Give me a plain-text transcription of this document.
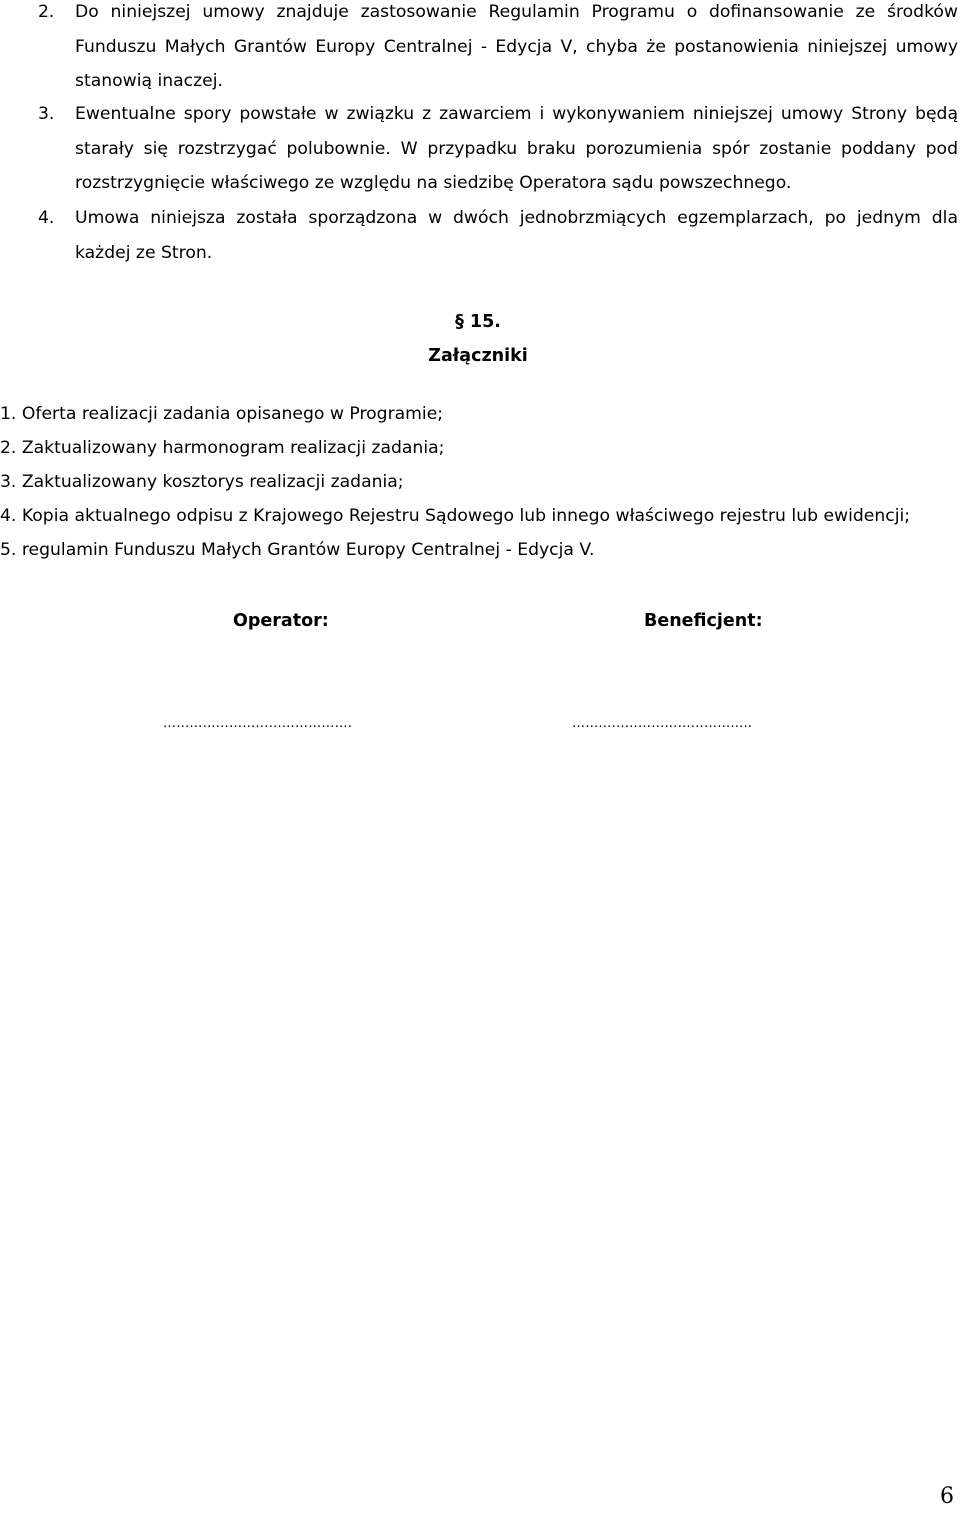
2.	Do niniejszej umowy znajduje zastosowanie Regulamin Programu o dofinansowanie ze środków Funduszu Małych Grantów Europy Centralnej - Edycja V, chyba że postanowienia niniejszej umowy stanowią inaczej.
3.	Ewentualne spory powstałe w związku z zawarciem i wykonywaniem niniejszej umowy Strony będą starały się rozstrzygać polubownie. W przypadku braku porozumienia spór zostanie poddany pod rozstrzygnięcie właściwego ze względu na siedzibę Operatora sądu powszechnego.
4.	Umowa niniejsza została sporządzona w dwóch jednobrzmiących egzemplarzach, po jednym dla każdej ze Stron.
§ 15.
Załączniki
1. Oferta realizacji zadania opisanego w Programie;
2. Zaktualizowany harmonogram realizacji zadania;
3. Zaktualizowany kosztorys realizacji zadania;
4. Kopia aktualnego odpisu z Krajowego Rejestru Sądowego lub innego właściwego rejestru lub ewidencji;
5. regulamin Funduszu Małych Grantów Europy Centralnej - Edycja V.
Operator:	Beneficjent:
…………………………………….	…………………………………..
6
